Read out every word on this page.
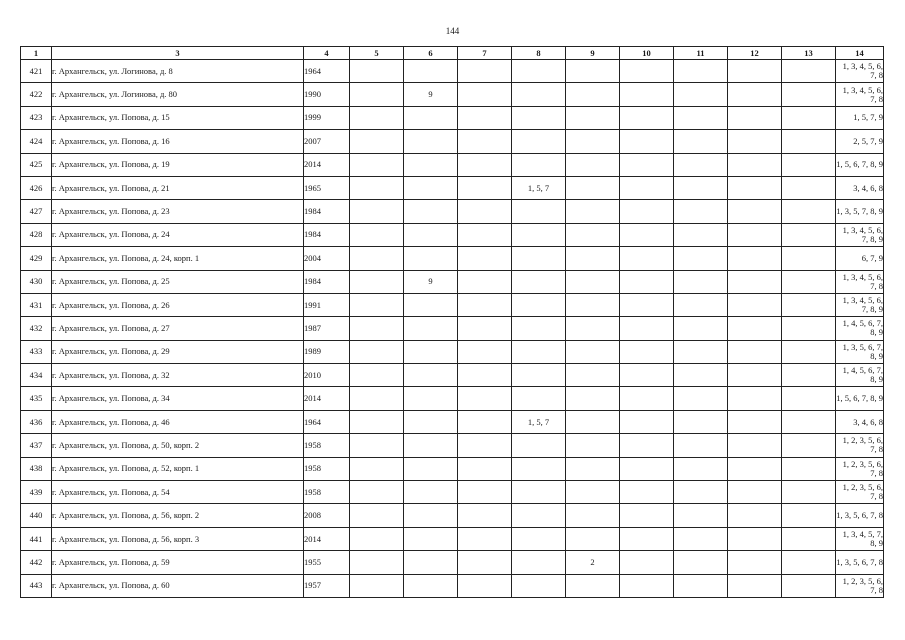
144
1	3	4	5	6	7	8	9	10	11	12	13	14
421	г. Архангельск, ул. Логинова, д. 8	1964										1, 3, 4, 5, 6, 7, 8
422	г. Архангельск, ул. Логинова, д. 80	1990		9								1, 3, 4, 5, 6, 7, 8
423	г. Архангельск, ул. Попова, д. 15	1999										1, 5, 7, 9
424	г. Архангельск, ул. Попова, д. 16	2007										2, 5, 7, 9
425	г. Архангельск, ул. Попова, д. 19	2014										1, 5, 6, 7, 8, 9
426	г. Архангельск, ул. Попова, д. 21	1965				1, 5, 7						3, 4, 6, 8
427	г. Архангельск, ул. Попова, д. 23	1984										1, 3, 5, 7, 8, 9
428	г. Архангельск, ул. Попова, д. 24	1984										1, 3, 4, 5, 6, 7, 8, 9
429	г. Архангельск, ул. Попова, д. 24, корп. 1	2004										6, 7, 9
430	г. Архангельск, ул. Попова, д. 25	1984		9								1, 3, 4, 5, 6, 7, 8
431	г. Архангельск, ул. Попова, д. 26	1991										1, 3, 4, 5, 6, 7, 8, 9
432	г. Архангельск, ул. Попова, д. 27	1987										1, 4, 5, 6, 7, 8, 9
433	г. Архангельск, ул. Попова, д. 29	1989										1, 3, 5, 6, 7, 8, 9
434	г. Архангельск, ул. Попова, д. 32	2010										1, 4, 5, 6, 7, 8, 9
435	г. Архангельск, ул. Попова, д. 34	2014										1, 5, 6, 7, 8, 9
436	г. Архангельск, ул. Попова, д. 46	1964				1, 5, 7						3, 4, 6, 8
437	г. Архангельск, ул. Попова, д. 50, корп. 2	1958										1, 2, 3, 5, 6, 7, 8
438	г. Архангельск, ул. Попова, д. 52, корп. 1	1958										1, 2, 3, 5, 6, 7, 8
439	г. Архангельск, ул. Попова, д. 54	1958										1, 2, 3, 5, 6, 7, 8
440	г. Архангельск, ул. Попова, д. 56, корп. 2	2008										1, 3, 5, 6, 7, 8
441	г. Архангельск, ул. Попова, д. 56, корп. 3	2014										1, 3, 4, 5, 7, 8, 9
442	г. Архангельск, ул. Попова, д. 59	1955					2					1, 3, 5, 6, 7, 8
443	г. Архангельск, ул. Попова, д. 60	1957										1, 2, 3, 5, 6, 7, 8
